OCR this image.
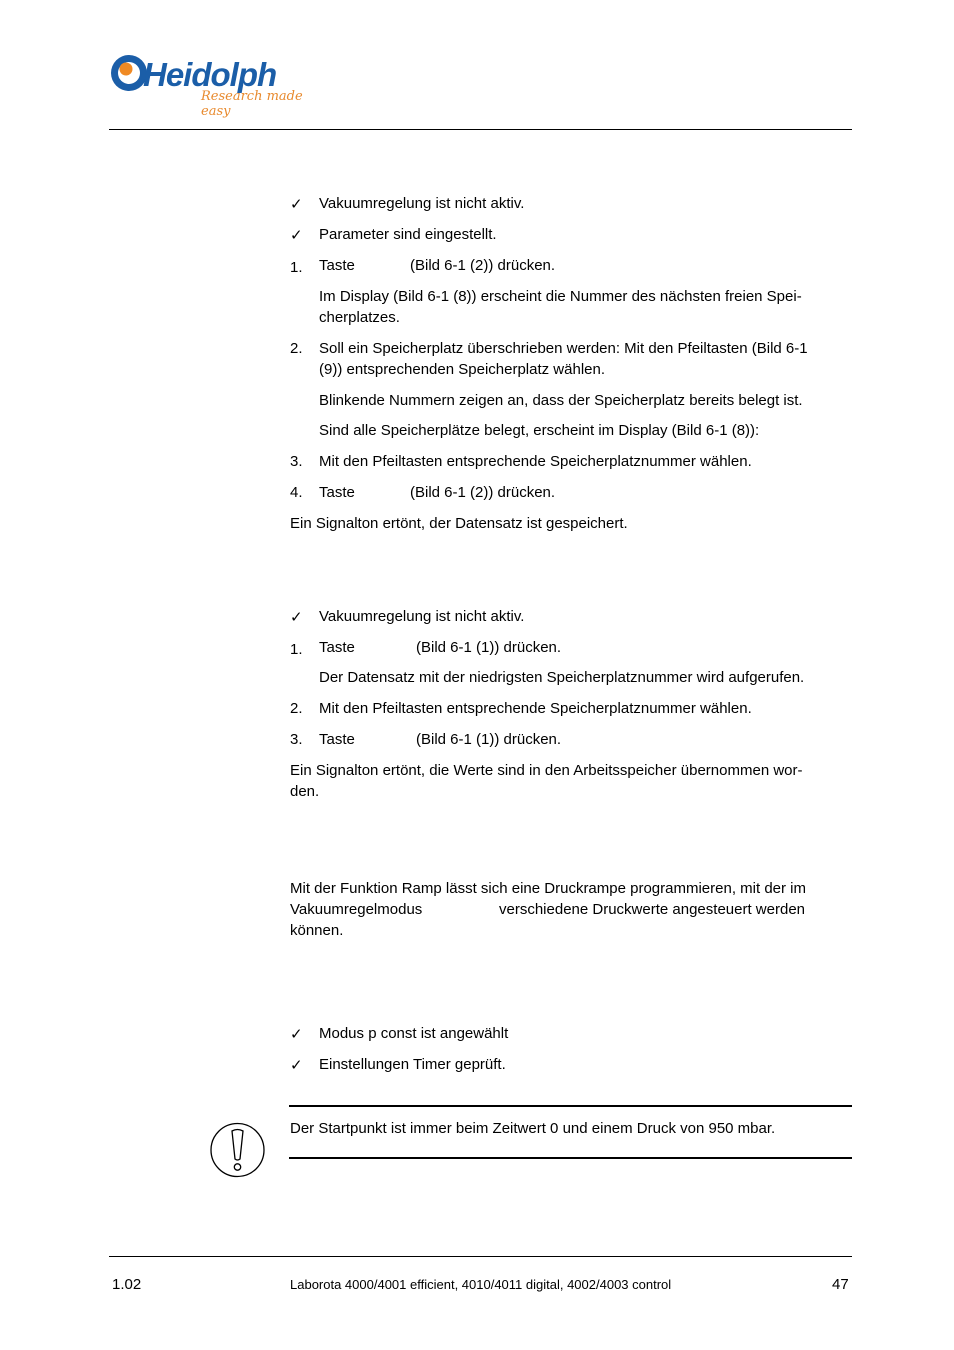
Heidolph
Research made easy
✓ Vakuumregelung ist nicht aktiv.
✓ Parameter sind eingestellt.
1. Taste	(Bild 6-1 (2)) drücken.
Im Display (Bild 6-1 (8)) erscheint die Nummer des nächsten freien Spei-
cherplatzes.
2. Soll ein Speicherplatz überschrieben werden: Mit den Pfeiltasten (Bild 6-1
(9)) entsprechenden Speicherplatz wählen.
Blinkende Nummern zeigen an, dass der Speicherplatz bereits belegt ist.
Sind alle Speicherplätze belegt, erscheint im Display (Bild 6-1 (8)):
3. Mit den Pfeiltasten entsprechende Speicherplatznummer wählen.
4. Taste	(Bild 6-1 (2)) drücken.
Ein Signalton ertönt, der Datensatz ist gespeichert.
✓ Vakuumregelung ist nicht aktiv.
1. Taste	(Bild 6-1 (1)) drücken.
Der Datensatz mit der niedrigsten Speicherplatznummer wird aufgerufen.
2. Mit den Pfeiltasten entsprechende Speicherplatznummer wählen.
3. Taste	(Bild 6-1 (1)) drücken.
Ein Signalton ertönt, die Werte sind in den Arbeitsspeicher übernommen wor-
den.
Mit der Funktion Ramp lässt sich eine Druckrampe programmieren, mit der im
Vakuumregelmodus	verschiedene Druckwerte angesteuert werden
können.
✓ Modus p const ist angewählt
✓ Einstellungen Timer geprüft.
Der Startpunkt ist immer beim Zeitwert 0 und einem Druck von 950 mbar.
1.02	Laborota 4000/4001 efficient, 4010/4011 digital, 4002/4003 control	47
